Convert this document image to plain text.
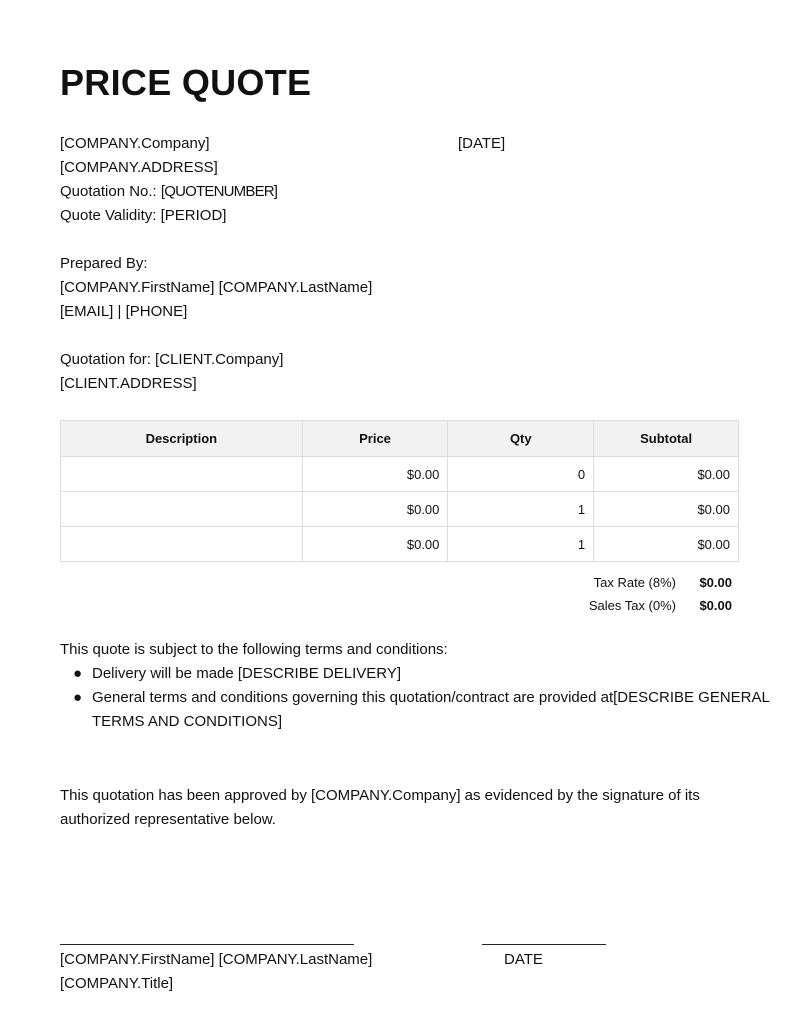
PRICE QUOTE
[COMPANY.Company]	[DATE]
[COMPANY.ADDRESS]
Quotation No.: [QUOTENUMBER]
Quote Validity: [PERIOD]
Prepared By:
[COMPANY.FirstName] [COMPANY.LastName]
[EMAIL] | [PHONE]
Quotation for: [CLIENT.Company]
[CLIENT.ADDRESS]
Description	Price	Qty	Subtotal
	$0.00	0	$0.00
	$0.00	1	$0.00
	$0.00	1	$0.00
Tax Rate (8%) $0.00
Sales Tax (0%) $0.00
This quote is subject to the following terms and conditions:
● Delivery will be made [DESCRIBE DELIVERY]
● General terms and conditions governing this quotation/contract are provided at[DESCRIBE GENERAL TERMS AND CONDITIONS]
This quotation has been approved by [COMPANY.Company] as evidenced by the signature of its authorized representative below.
[COMPANY.FirstName] [COMPANY.LastName]	DATE
[COMPANY.Title]
